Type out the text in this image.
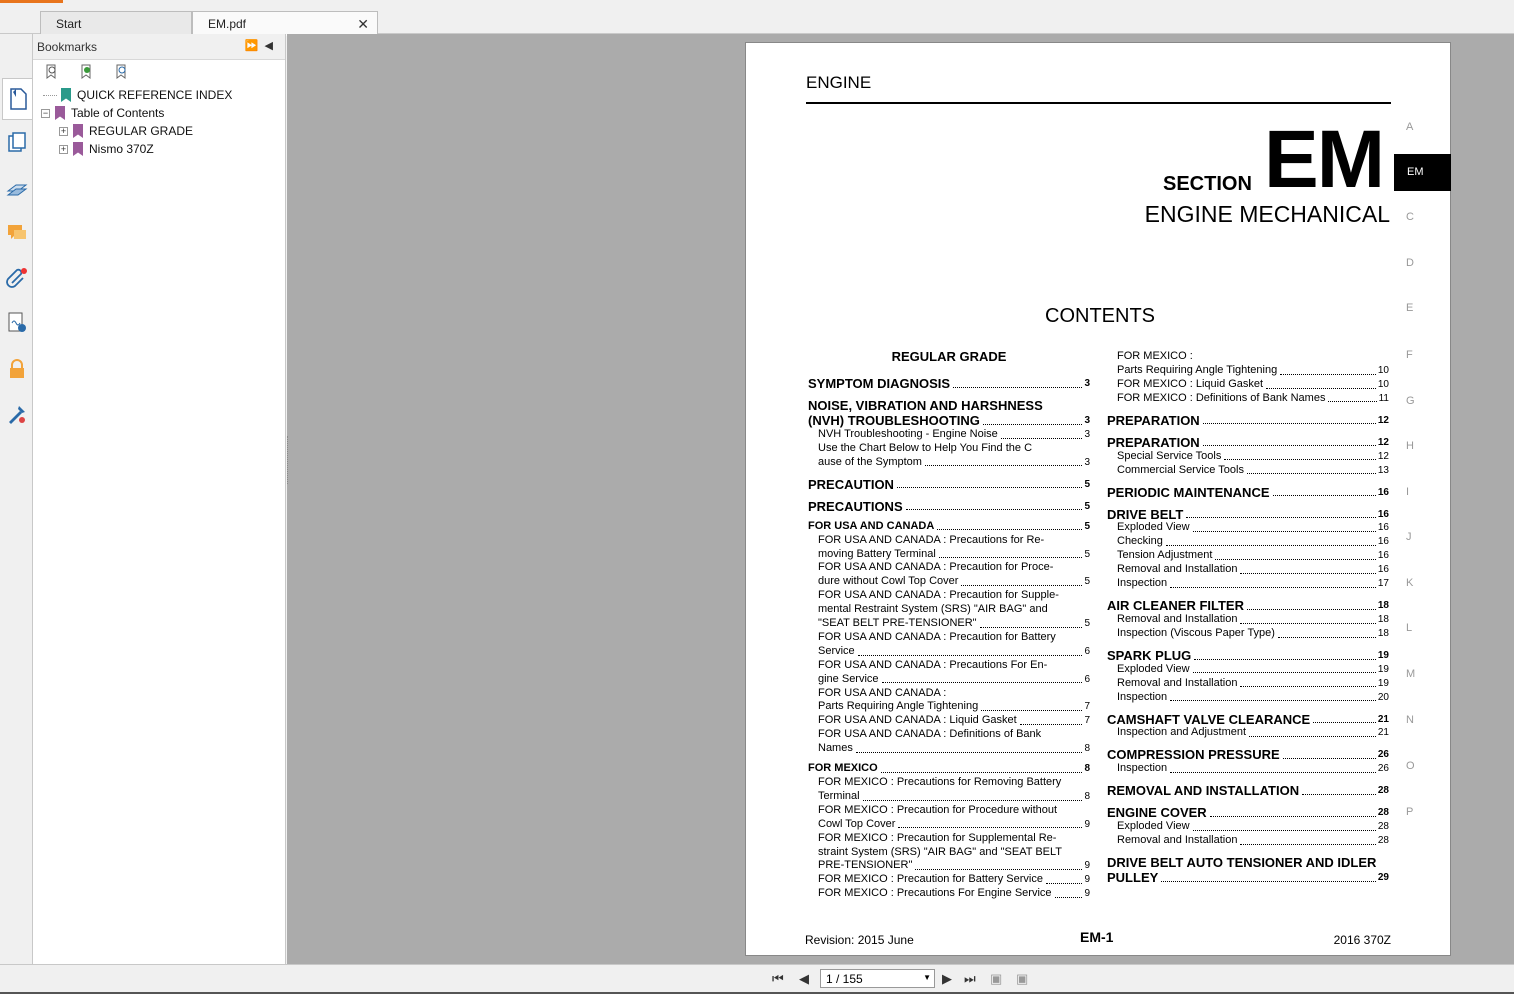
Start	EM.pdf	✕
Bookmarks	⏩◀
QUICK REFERENCE INDEX
− Table of Contents
+ REGULAR GRADE
+ Nismo 370Z
ENGINE
SECTION EM
ENGINE MECHANICAL
CONTENTS
REGULAR GRADE
SYMPTOM DIAGNOSIS	3
NOISE, VIBRATION AND HARSHNESS
(NVH) TROUBLESHOOTING	3
NVH Troubleshooting - Engine Noise	3
Use the Chart Below to Help You Find the C
ause of the Symptom	3
PRECAUTION	5
PRECAUTIONS	5
FOR USA AND CANADA	5
FOR USA AND CANADA : Precautions for Re-
moving Battery Terminal	5
FOR USA AND CANADA : Precaution for Proce-
dure without Cowl Top Cover	5
FOR USA AND CANADA : Precaution for Supple-
mental Restraint System (SRS) "AIR BAG" and
"SEAT BELT PRE-TENSIONER"	5
FOR USA AND CANADA : Precaution for Battery
Service	6
FOR USA AND CANADA : Precautions For En-
gine Service	6
FOR USA AND CANADA :
Parts Requiring Angle Tightening	7
FOR USA AND CANADA : Liquid Gasket	7
FOR USA AND CANADA : Definitions of Bank
Names	8
FOR MEXICO	8
FOR MEXICO : Precautions for Removing Battery
Terminal	8
FOR MEXICO : Precaution for Procedure without
Cowl Top Cover	9
FOR MEXICO : Precaution for Supplemental Re-
straint System (SRS) "AIR BAG" and "SEAT BELT
PRE-TENSIONER"	9
FOR MEXICO : Precaution for Battery Service	9
FOR MEXICO : Precautions For Engine Service	9
FOR MEXICO :
Parts Requiring Angle Tightening	10
FOR MEXICO : Liquid Gasket	10
FOR MEXICO : Definitions of Bank Names	11
PREPARATION	12
PREPARATION	12
Special Service Tools	12
Commercial Service Tools	13
PERIODIC MAINTENANCE	16
DRIVE BELT	16
Exploded View	16
Checking	16
Tension Adjustment	16
Removal and Installation	16
Inspection	17
AIR CLEANER FILTER	18
Removal and Installation	18
Inspection (Viscous Paper Type)	18
SPARK PLUG	19
Exploded View	19
Removal and Installation	19
Inspection	20
CAMSHAFT VALVE CLEARANCE	21
Inspection and Adjustment	21
COMPRESSION PRESSURE	26
Inspection	26
REMOVAL AND INSTALLATION	28
ENGINE COVER	28
Exploded View	28
Removal and Installation	28
DRIVE BELT AUTO TENSIONER AND IDLER
PULLEY	29
Revision: 2015 June	EM-1	2016 370Z
EM
A
C
D
E
F
G
H
I
J
K
L
M
N
O
P
⏮ ◀	1 / 155	▼ ▶ ⏭ ▣ ▣
